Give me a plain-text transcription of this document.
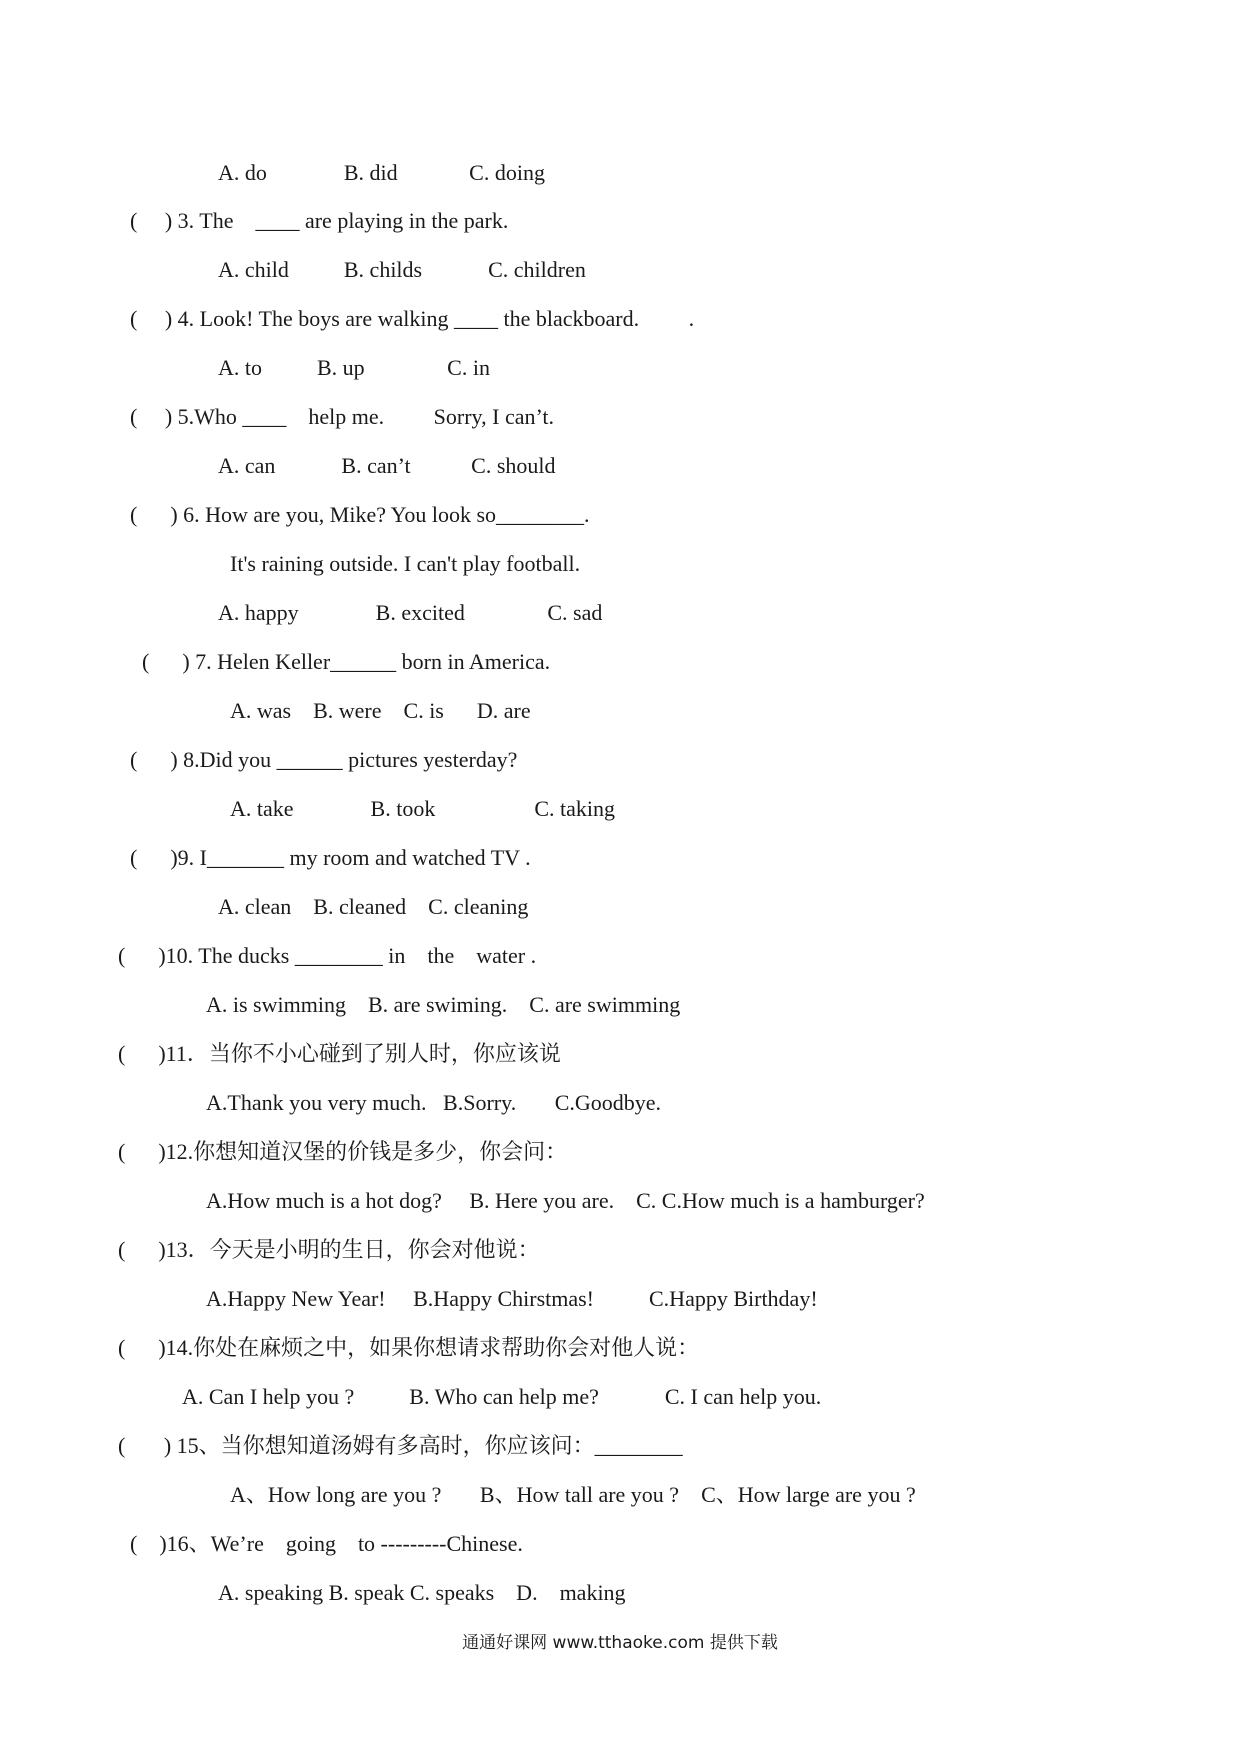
A. do              B. did             C. doing
(     ) 3. The    ____ are playing in the park.
A. child          B. childs            C. children
(     ) 4. Look! The boys are walking ____ the blackboard.         .
A. to          B. up               C. in
(     ) 5.Who ____    help me.         Sorry, I can’t.
A. can            B. can’t           C. should
(      ) 6. How are you, Mike? You look so________.
It's raining outside. I can't play football.
A. happy              B. excited               C. sad
(      ) 7. Helen Keller______ born in America.
A. was    B. were    C. is      D. are
(      ) 8.Did you ______ pictures yesterday?
A. take              B. took                  C. taking
(      )9. I_______ my room and watched TV .
A. clean    B. cleaned    C. cleaning
(      )10. The ducks ________ in    the    water .
A. is swimming    B. are swiming.    C. are swimming
(      )11．当你不小心碰到了别人时，你应该说
A.Thank you very much.   B.Sorry.       C.Goodbye.
(      )12.你想知道汉堡的价钱是多少，你会问：
A.How much is a hot dog?     B. Here you are.    C. C.How much is a hamburger?
(      )13．今天是小明的生日，你会对他说：
A.Happy New Year!     B.Happy Chirstmas!          C.Happy Birthday!
(      )14.你处在麻烦之中，如果你想请求帮助你会对他人说：
A. Can I help you ?          B. Who can help me?            C. I can help you.
(       ) 15、当你想知道汤姆有多高时，你应该问：________
A、How long are you ?       B、How tall are you ?    C、How large are you ?
(    )16、We’re    going    to ---------Chinese.
A. speaking B. speak C. speaks    D.    making
通通好课网 www.tthaoke.com 提供下载
